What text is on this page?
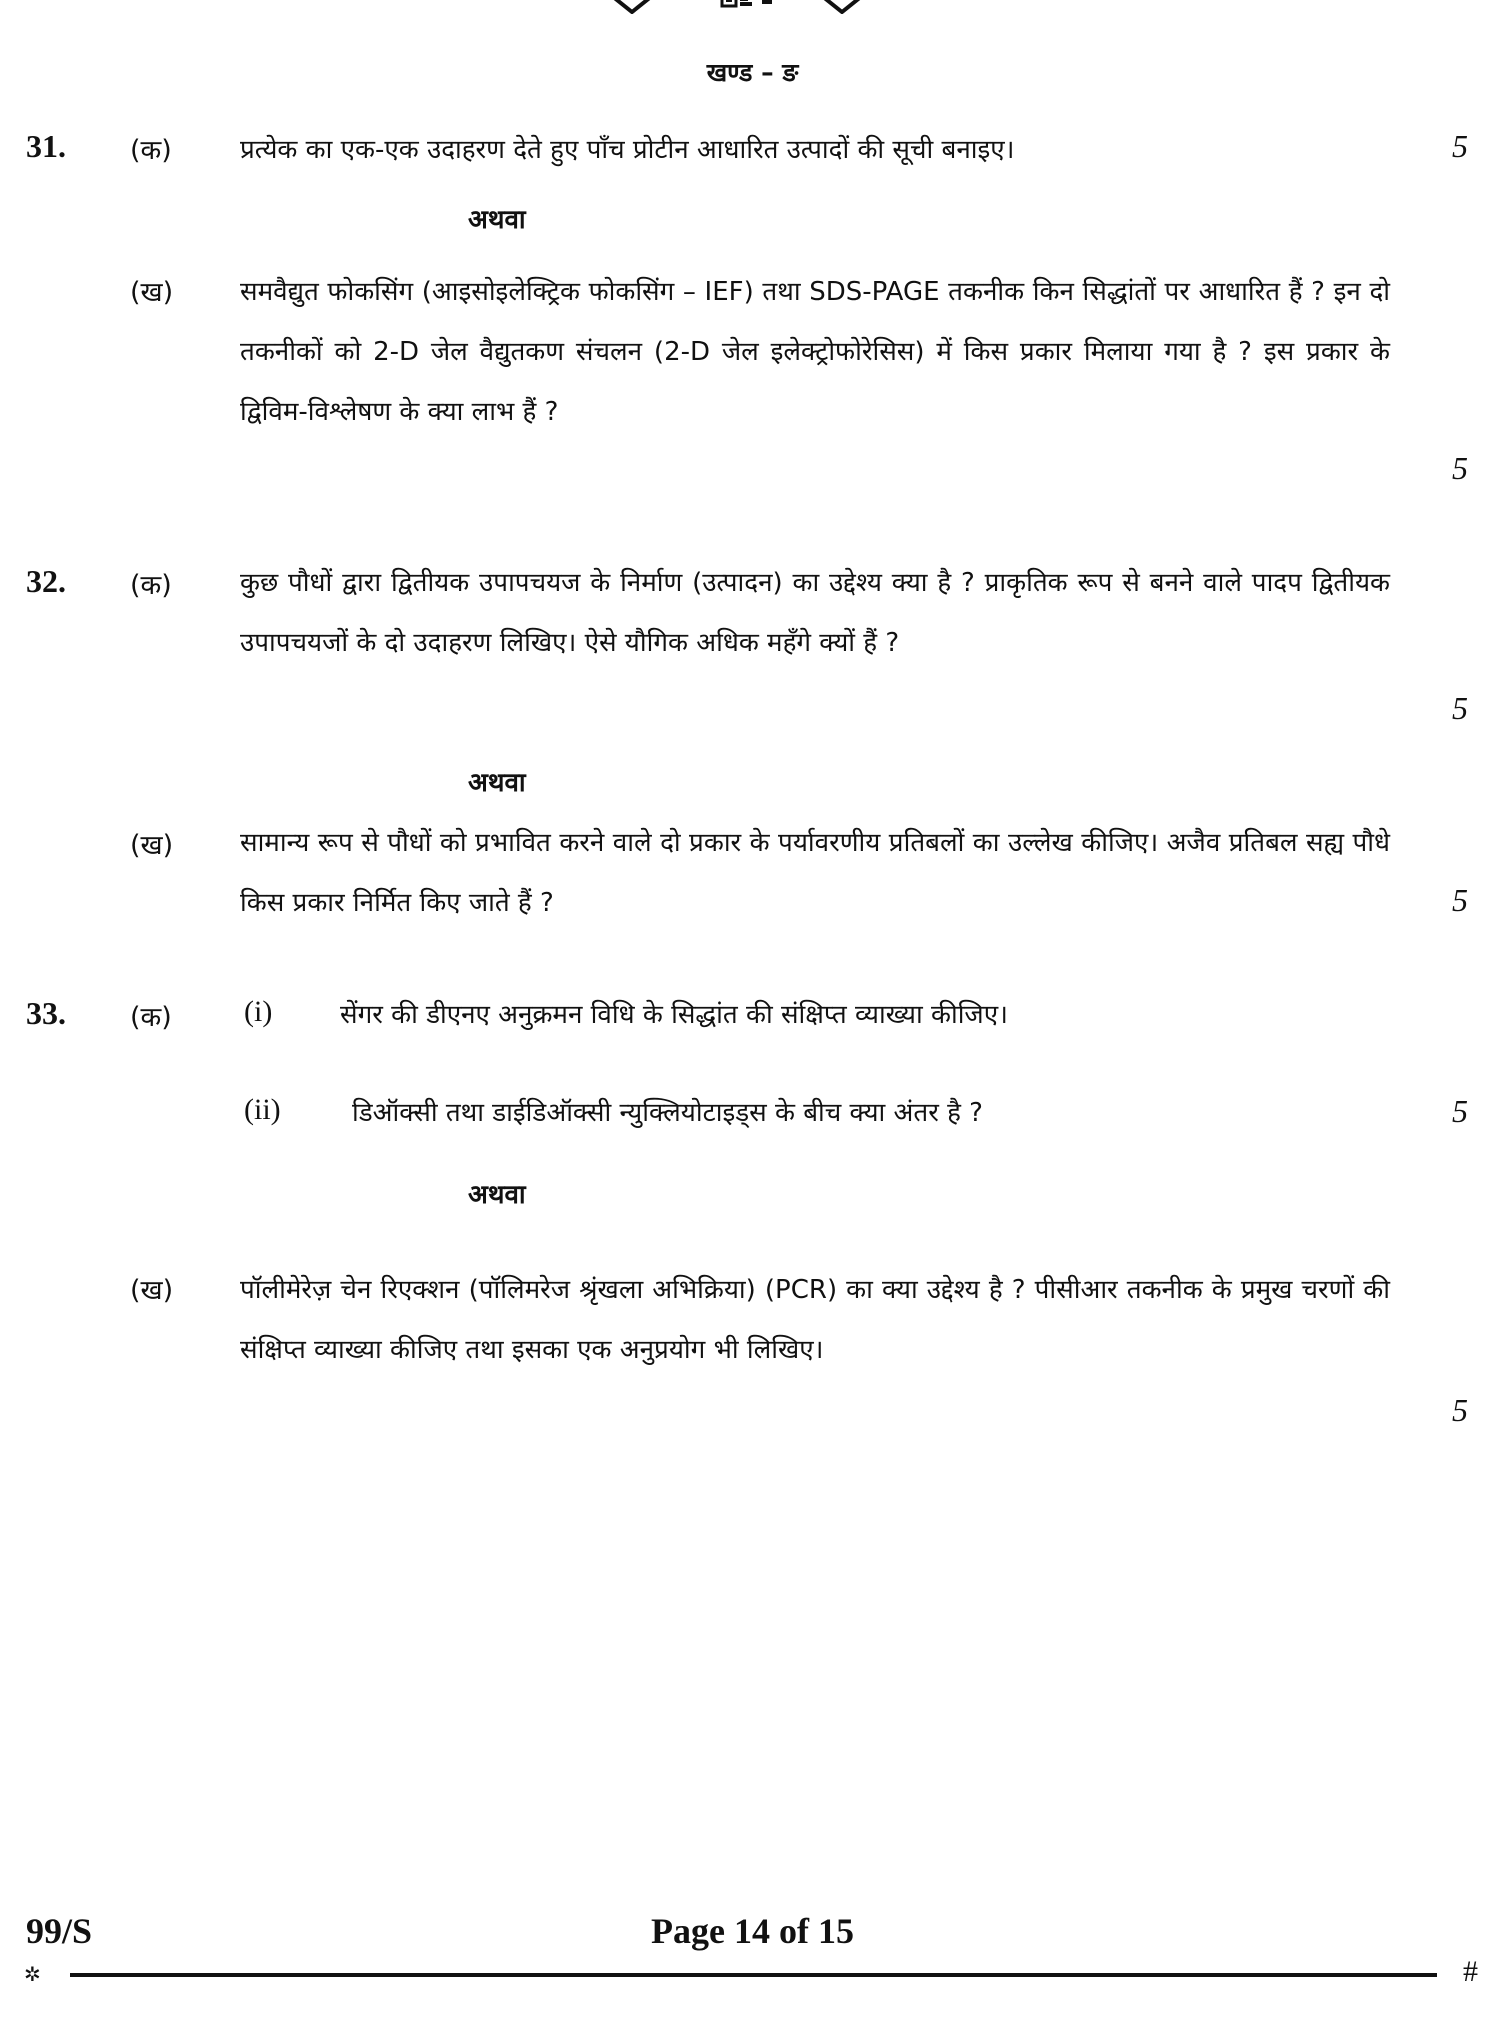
खण्ड – ङ
31. (क)	प्रत्येक का एक-एक उदाहरण देते हुए पाँच प्रोटीन आधारित उत्पादों की सूची बनाइए।	5
अथवा
(ख)	समवैद्युत फोकसिंग (आइसोइलेक्ट्रिक फोकसिंग – IEF) तथा SDS-PAGE तकनीक किन सिद्धांतों पर आधारित हैं ? इन दो तकनीकों को 2-D जेल वैद्युतकण संचलन (2-D जेल इलेक्ट्रोफोरेसिस) में किस प्रकार मिलाया गया है ? इस प्रकार के द्विविम-विश्लेषण के क्या लाभ हैं ?
5
32. (क)	कुछ पौधों द्वारा द्वितीयक उपापचयज के निर्माण (उत्पादन) का उद्देश्य क्या है ? प्राकृतिक रूप से बनने वाले पादप द्वितीयक उपापचयजों के दो उदाहरण लिखिए। ऐसे यौगिक अधिक महँगे क्यों हैं ?
5
अथवा
(ख)	सामान्य रूप से पौधों को प्रभावित करने वाले दो प्रकार के पर्यावरणीय प्रतिबलों का उल्लेख कीजिए। अजैव प्रतिबल सह्य पौधे किस प्रकार निर्मित किए जाते हैं ?	5
33. (क) (i)	सेंगर की डीएनए अनुक्रमन विधि के सिद्धांत की संक्षिप्त व्याख्या कीजिए।
(ii)	डिऑक्सी तथा डाईडिऑक्सी न्युक्लियोटाइड्स के बीच क्या अंतर है ?	5
अथवा
(ख)	पॉलीमेरेज़ चेन रिएक्शन (पॉलिमरेज श्रृंखला अभिक्रिया) (PCR) का क्या उद्देश्य है ? पीसीआर तकनीक के प्रमुख चरणों की संक्षिप्त व्याख्या कीजिए तथा इसका एक अनुप्रयोग भी लिखिए।
5
99/S	Page 14 of 15
✲	#
